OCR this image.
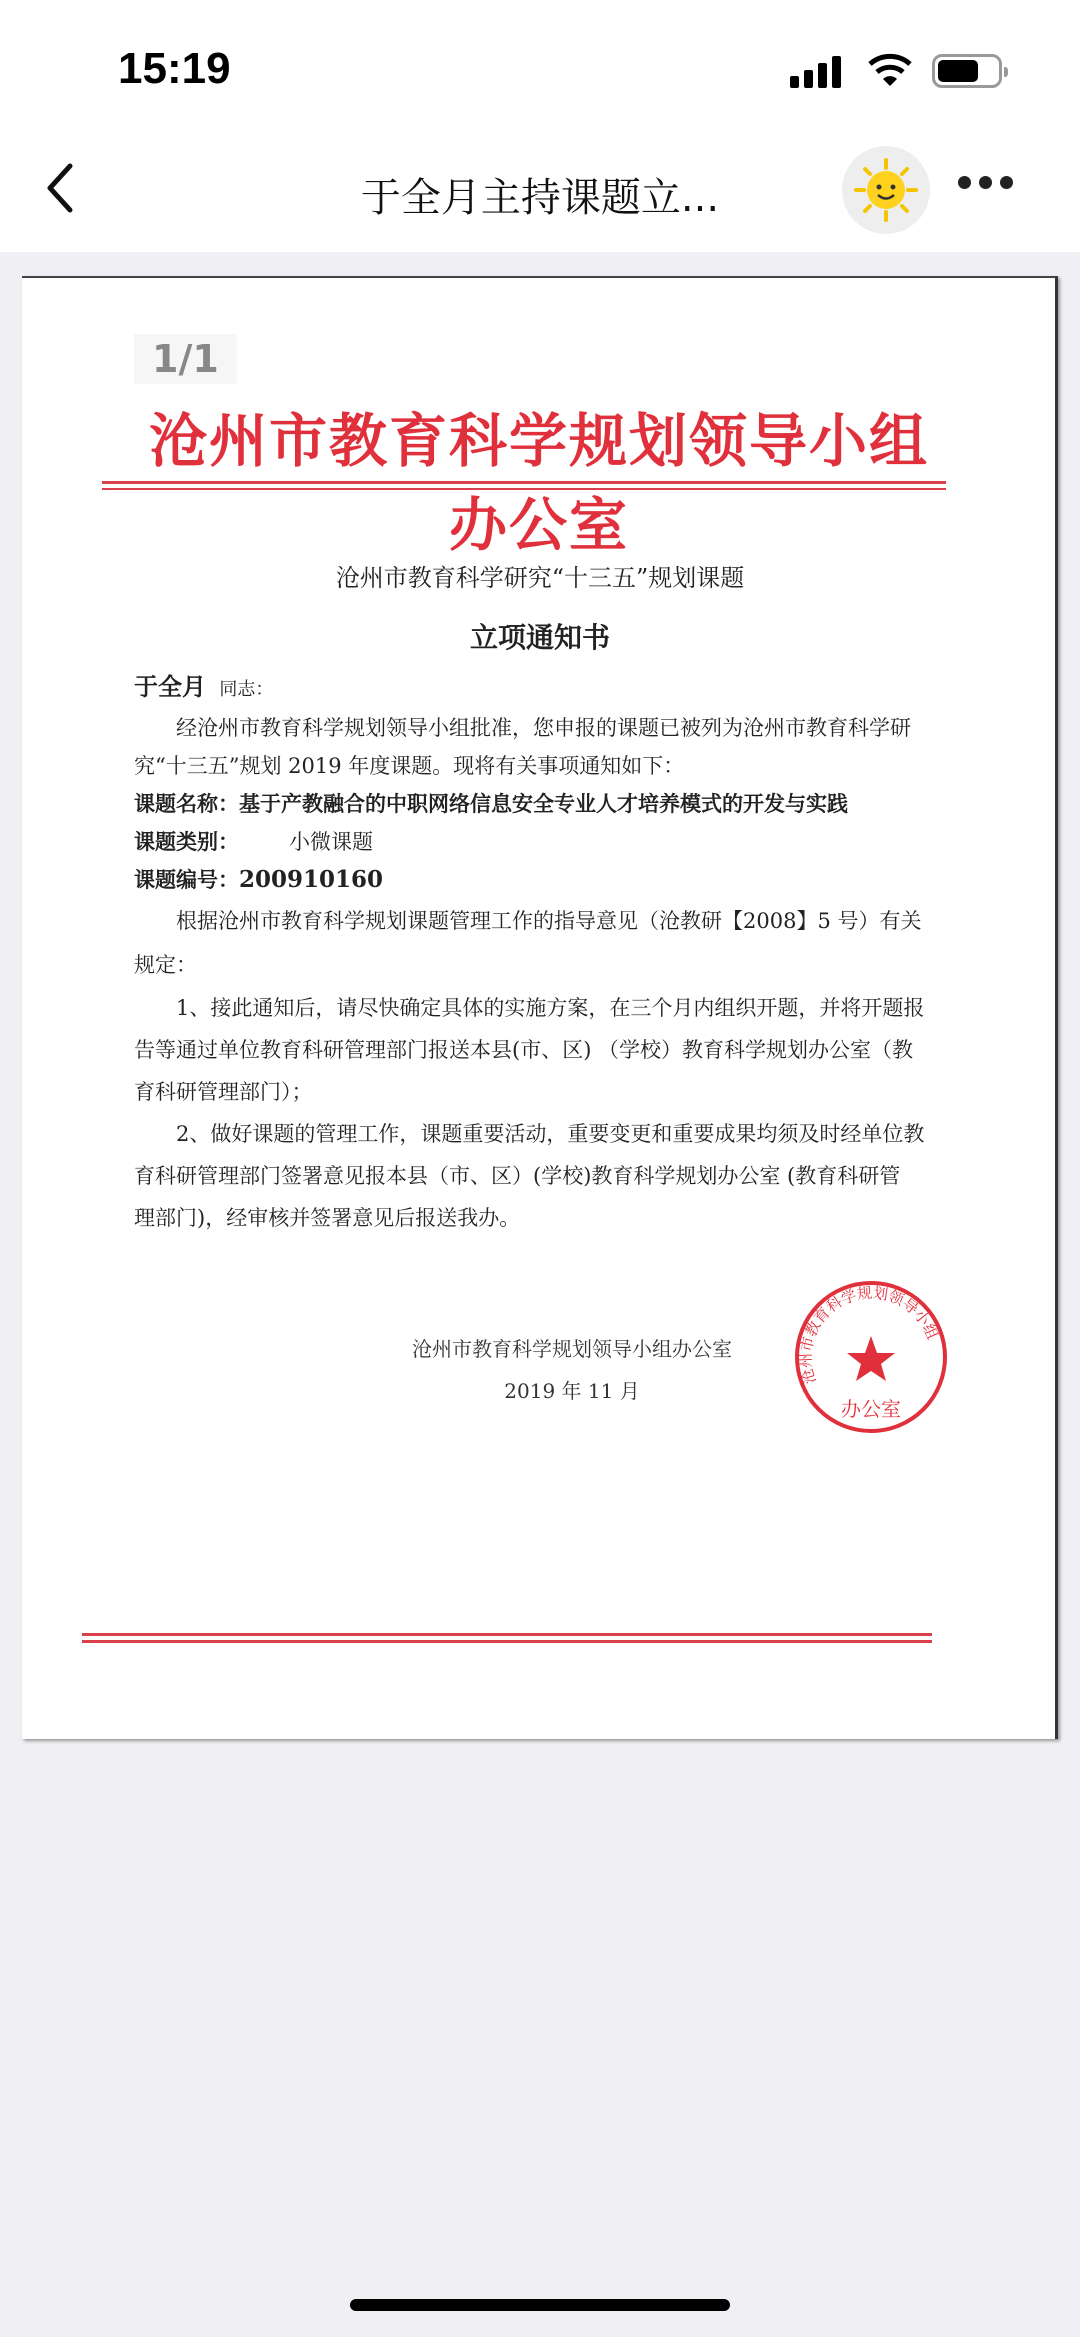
15:19
于全月主持课题立...
1/1
沧州市教育科学规划领导小组办公室
沧州市教育科学研究“十三五”规划课题
立项通知书

于全月 同志：

经沧州市教育科学规划领导小组批准，您申报的课题已被列为沧州市教育科学研

究“十三五”规划 2019 年度课题。现将有关事项通知如下：

课题名称：基于产教融合的中职网络信息安全专业人才培养模式的开发与实践

课题类别： 小微课题

课题编号：200910160

根据沧州市教育科学规划课题管理工作的指导意见（沧教研【2008】5 号）有关

规定：

1、接此通知后，请尽快确定具体的实施方案，在三个月内组织开题，并将开题报

告等通过单位教育科研管理部门报送本县(市、区) （学校）教育科学规划办公室（教

育科研管理部门）；

2、做好课题的管理工作，课题重要活动，重要变更和重要成果均须及时经单位教

育科研管理部门签署意见报本县（市、区）(学校)教育科学规划办公室 (教育科研管

理部门)，经审核并签署意见后报送我办。

沧州市教育科学规划领导小组办公室
2019 年 11 月
办公室
沧州市教育科学规划领导小组
